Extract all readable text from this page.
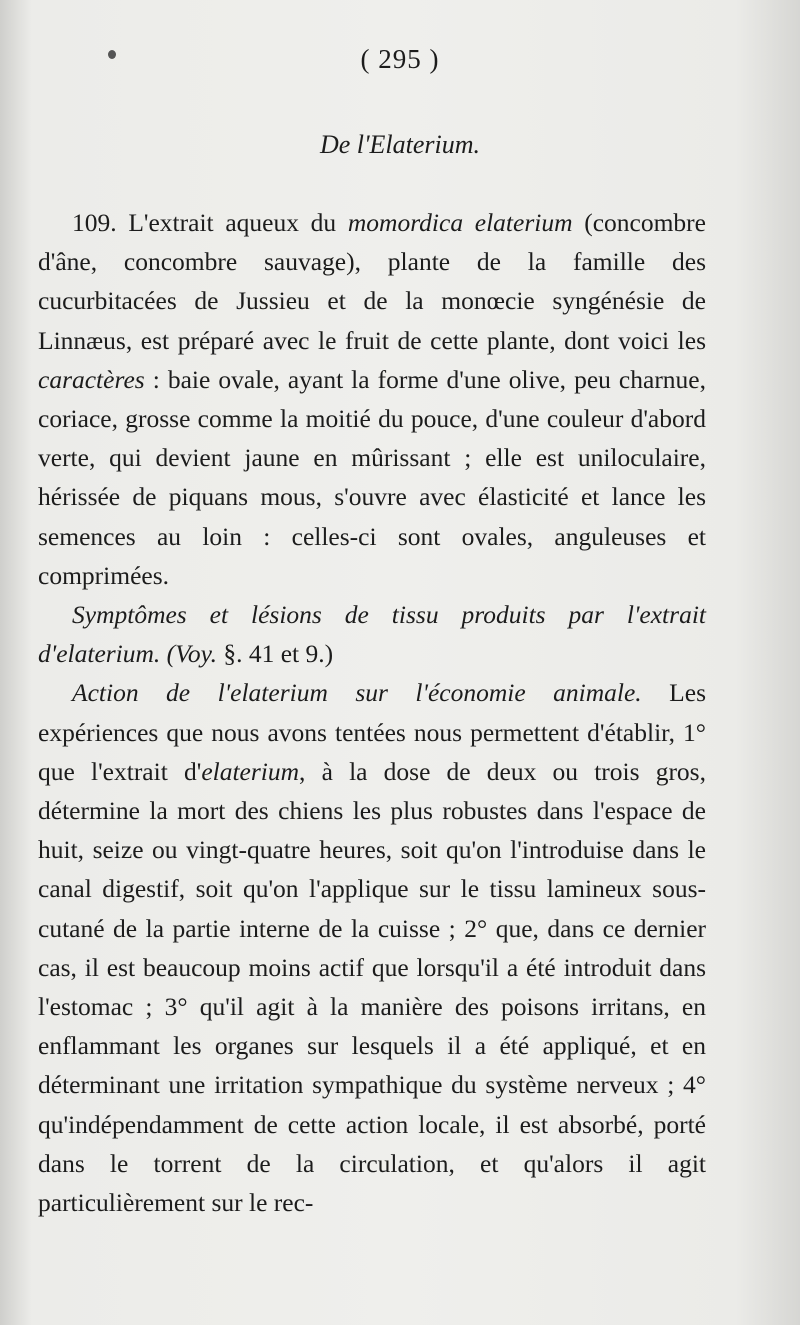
( 295 )
De l'Elaterium.

109. L'extrait aqueux du momordica elaterium (concombre d'âne, concombre sauvage), plante de la famille des cucurbitacées de Jussieu et de la monœcie syngénésie de Linnæus, est préparé avec le fruit de cette plante, dont voici les caractères : baie ovale, ayant la forme d'une olive, peu charnue, coriace, grosse comme la moitié du pouce, d'une couleur d'abord verte, qui devient jaune en mûrissant ; elle est uniloculaire, hérissée de piquans mous, s'ouvre avec élasticité et lance les semences au loin : celles-ci sont ovales, anguleuses et comprimées.

Symptômes et lésions de tissu produits par l'extrait d'elaterium. (Voy. §. 41 et 9.)

Action de l'elaterium sur l'économie animale. Les expériences que nous avons tentées nous permettent d'établir, 1° que l'extrait d'elaterium, à la dose de deux ou trois gros, détermine la mort des chiens les plus robustes dans l'espace de huit, seize ou vingt-quatre heures, soit qu'on l'introduise dans le canal digestif, soit qu'on l'applique sur le tissu lamineux sous-cutané de la partie interne de la cuisse ; 2° que, dans ce dernier cas, il est beaucoup moins actif que lorsqu'il a été introduit dans l'estomac ; 3° qu'il agit à la manière des poisons irritans, en enflammant les organes sur lesquels il a été appliqué, et en déterminant une irritation sympathique du système nerveux ; 4° qu'indépendamment de cette action locale, il est absorbé, porté dans le torrent de la circulation, et qu'alors il agit particulièrement sur le rec-
